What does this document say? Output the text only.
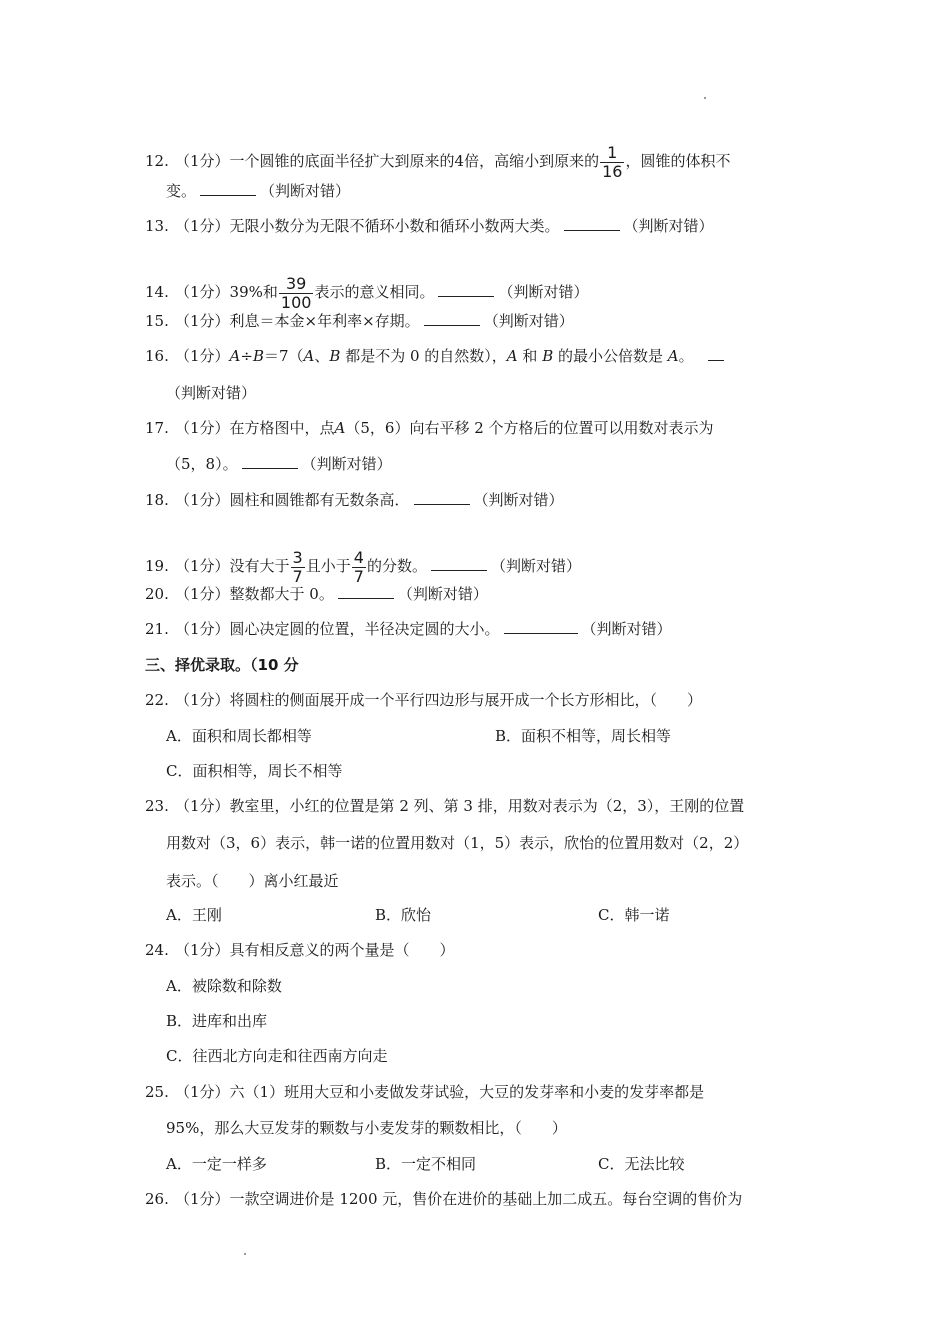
12. （1分）一个圆锥的底面半径扩大到原来的4倍，高缩小到原来的 $\frac{1}{16}$ ，圆锥的体积不
变。	（判断对错）
13. （1分）无限小数分为无限不循环小数和循环小数两大类。	（判断对错）
14. （1分）39%和 $\frac{39}{100}$ 表示的意义相同。	（判断对错）
15. （1分）利息＝本金×年利率×存期。	（判断对错）
16. （1分）A÷B＝7（A、B 都是不为 0 的自然数），A 和 B 的最小公倍数是 A。
（判断对错）
17. （1分）在方格图中，点A（5，6）向右平移 2 个方格后的位置可以用数对表示为
（5，8）。	（判断对错）
18. （1分）圆柱和圆锥都有无数条高．	（判断对错）
19. （1分）没有大于 $\frac{3}{7}$ 且小于 $\frac{4}{7}$ 的分数。	（判断对错）
20. （1分）整数都大于 0。	（判断对错）
21. （1分）圆心决定圆的位置，半径决定圆的大小。	（判断对错）
三、择优录取。（10 分
22. （1分）将圆柱的侧面展开成一个平行四边形与展开成一个长方形相比，（　　）
A．面积和周长都相等	B．面积不相等，周长相等
C．面积相等，周长不相等
23. （1分）教室里，小红的位置是第 2 列、第 3 排，用数对表示为（2，3），王刚的位置
用数对（3，6）表示，韩一诺的位置用数对（1，5）表示，欣怡的位置用数对（2，2）
表示。（　　）离小红最近
A．王刚	B．欣怡	C．韩一诺
24. （1分）具有相反意义的两个量是（　　）
A．被除数和除数
B．进库和出库
C．往西北方向走和往西南方向走
25. （1分）六（1）班用大豆和小麦做发芽试验，大豆的发芽率和小麦的发芽率都是
95%，那么大豆发芽的颗数与小麦发芽的颗数相比，（　　）
A．一定一样多	B．一定不相同	C．无法比较
26. （1分）一款空调进价是 1200 元，售价在进价的基础上加二成五。每台空调的售价为
